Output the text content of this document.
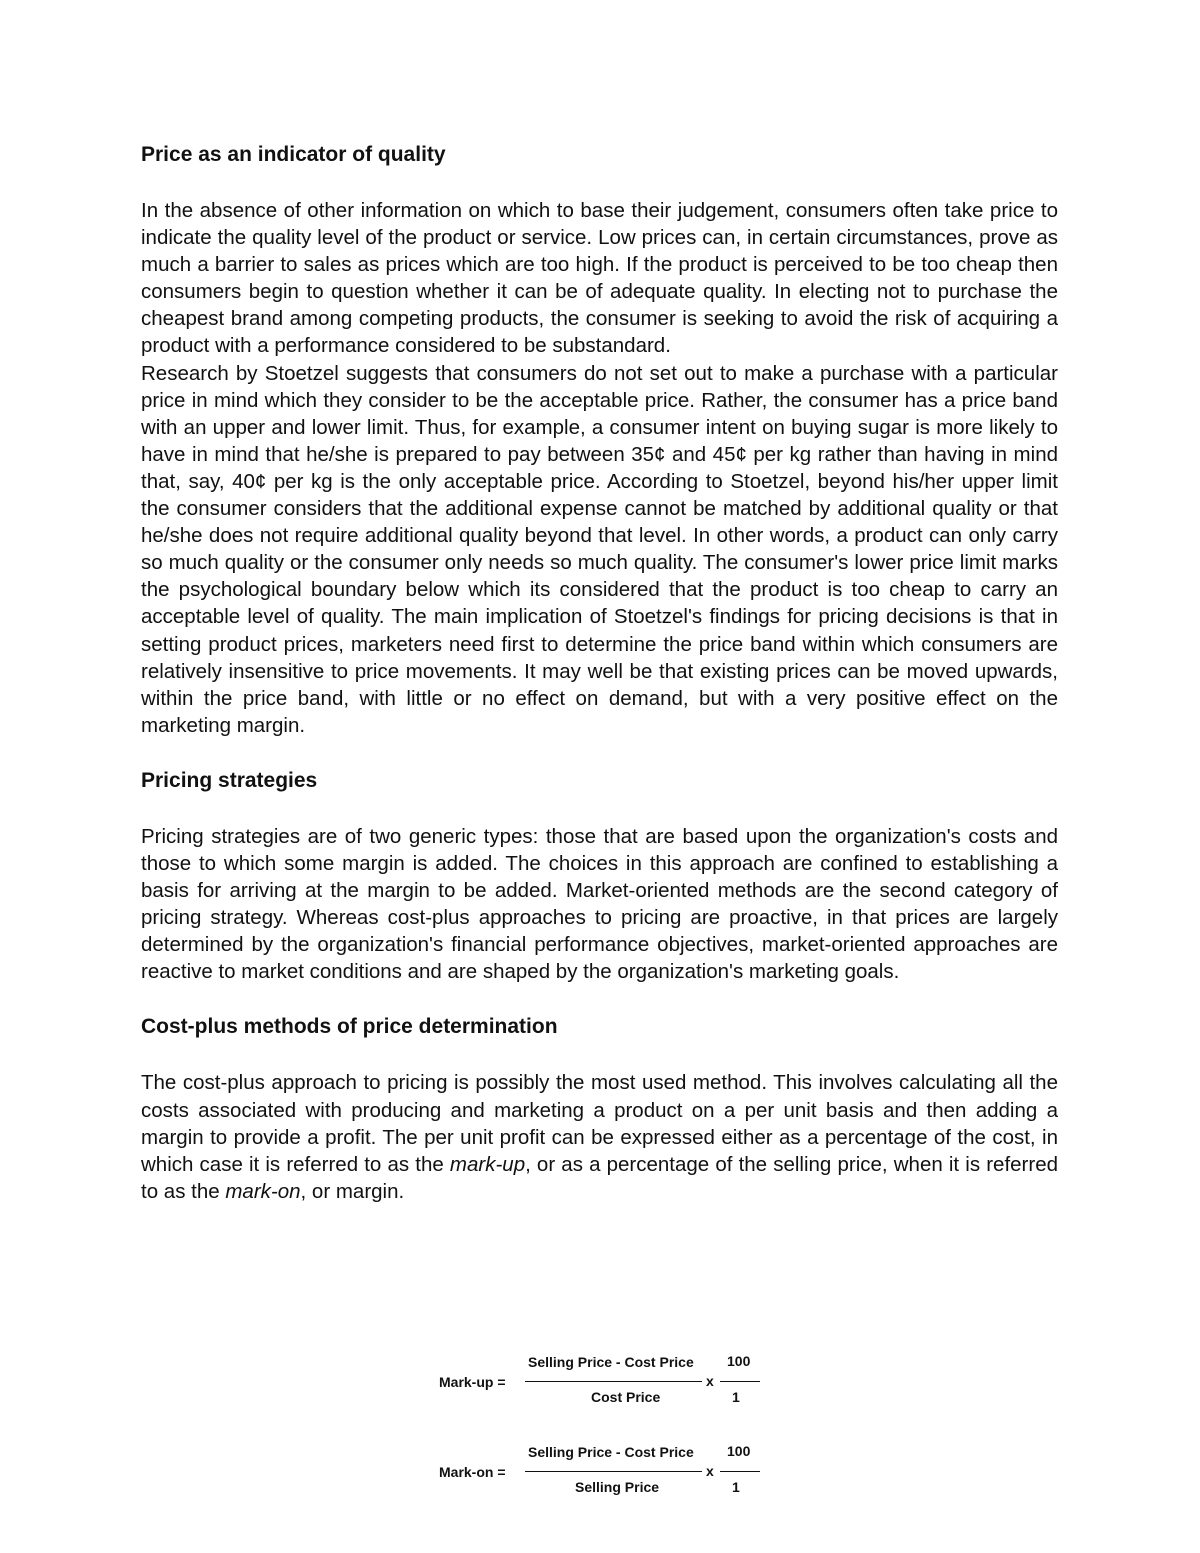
Price as an indicator of quality

In the absence of other information on which to base their judgement, consumers often take price to indicate the quality level of the product or service. Low prices can, in certain circumstances, prove as much a barrier to sales as prices which are too high. If the product is perceived to be too cheap then consumers begin to question whether it can be of adequate quality. In electing not to purchase the cheapest brand among competing products, the consumer is seeking to avoid the risk of acquiring a product with a performance considered to be substandard.

Research by Stoetzel suggests that consumers do not set out to make a purchase with a particular price in mind which they consider to be the acceptable price. Rather, the consumer has a price band with an upper and lower limit. Thus, for example, a consumer intent on buying sugar is more likely to have in mind that he/she is prepared to pay between 35¢ and 45¢ per kg rather than having in mind that, say, 40¢ per kg is the only acceptable price. According to Stoetzel, beyond his/her upper limit the consumer considers that the additional expense cannot be matched by additional quality or that he/she does not require additional quality beyond that level. In other words, a product can only carry so much quality or the consumer only needs so much quality. The consumer's lower price limit marks the psychological boundary below which its considered that the product is too cheap to carry an acceptable level of quality. The main implication of Stoetzel's findings for pricing decisions is that in setting product prices, marketers need first to determine the price band within which consumers are relatively insensitive to price movements. It may well be that existing prices can be moved upwards, within the price band, with little or no effect on demand, but with a very positive effect on the marketing margin.

Pricing strategies

Pricing strategies are of two generic types: those that are based upon the organization's costs and those to which some margin is added. The choices in this approach are confined to establishing a basis for arriving at the margin to be added. Market-oriented methods are the second category of pricing strategy. Whereas cost-plus approaches to pricing are proactive, in that prices are largely determined by the organization's financial performance objectives, market-oriented approaches are reactive to market conditions and are shaped by the organization's marketing goals.

Cost-plus methods of price determination

The cost-plus approach to pricing is possibly the most used method. This involves calculating all the costs associated with producing and marketing a product on a per unit basis and then adding a margin to provide a profit. The per unit profit can be expressed either as a percentage of the cost, in which case it is referred to as the mark-up, or as a percentage of the selling price, when it is referred to as the mark-on, or margin.

Mark-up =
Selling Price - Cost Price
Cost Price
x
100
1
Mark-on =
Selling Price - Cost Price
Selling Price
x
100
1
